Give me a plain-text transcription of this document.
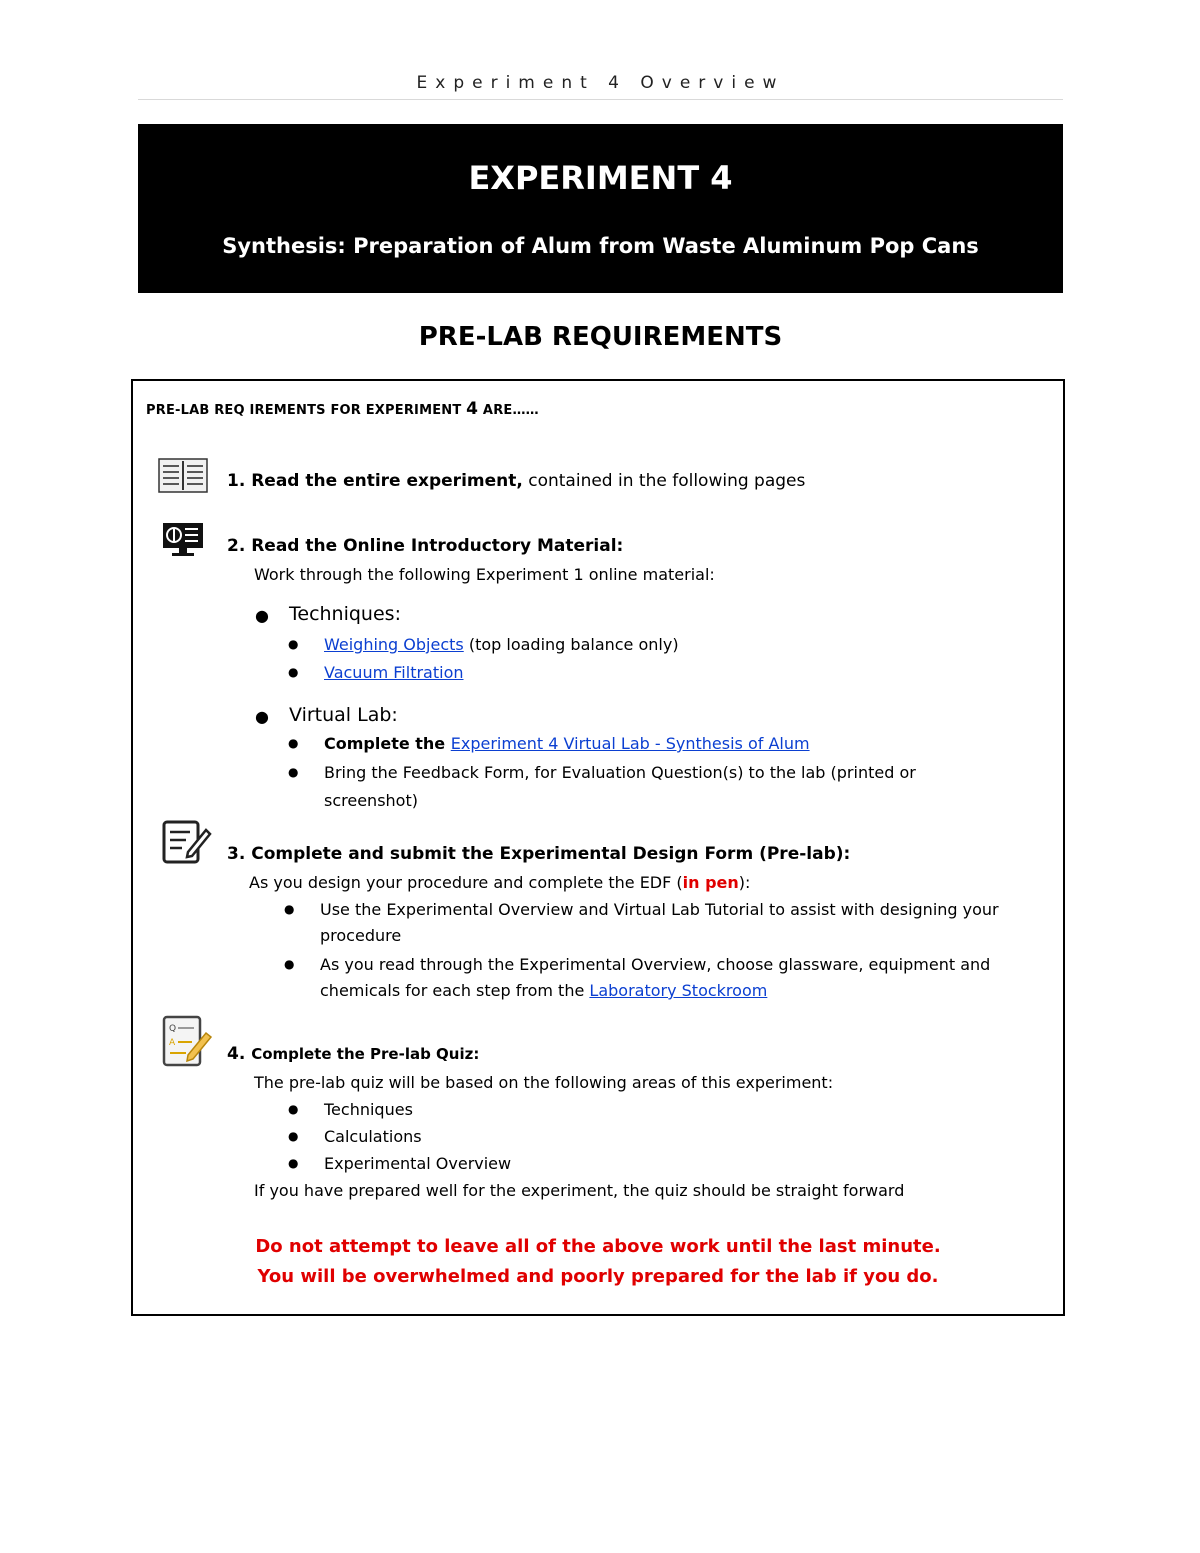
Experiment 4 Overview
EXPERIMENT 4
Synthesis: Preparation of Alum from Waste Aluminum Pop Cans
PRE-LAB REQUIREMENTS
PRE-LAB REQ IREMENTS FOR EXPERIMENT 4 ARE……
1. Read the entire experiment, contained in the following pages
2. Read the Online Introductory Material:
Work through the following Experiment 1 online material:
● Techniques:
● Weighing Objects (top loading balance only)
● Vacuum Filtration
● Virtual Lab:
● Complete the Experiment 4 Virtual Lab - Synthesis of Alum
● Bring the Feedback Form, for Evaluation Question(s) to the lab (printed or
screenshot)
3. Complete and submit the Experimental Design Form (Pre-lab):
As you design your procedure and complete the EDF (in pen):
● Use the Experimental Overview and Virtual Lab Tutorial to assist with designing your
procedure
● As you read through the Experimental Overview, choose glassware, equipment and
chemicals for each step from the Laboratory Stockroom
Q
A
4. Complete the Pre-lab Quiz:
The pre-lab quiz will be based on the following areas of this experiment:
● Techniques
● Calculations
● Experimental Overview
If you have prepared well for the experiment, the quiz should be straight forward
Do not attempt to leave all of the above work until the last minute.
You will be overwhelmed and poorly prepared for the lab if you do.
